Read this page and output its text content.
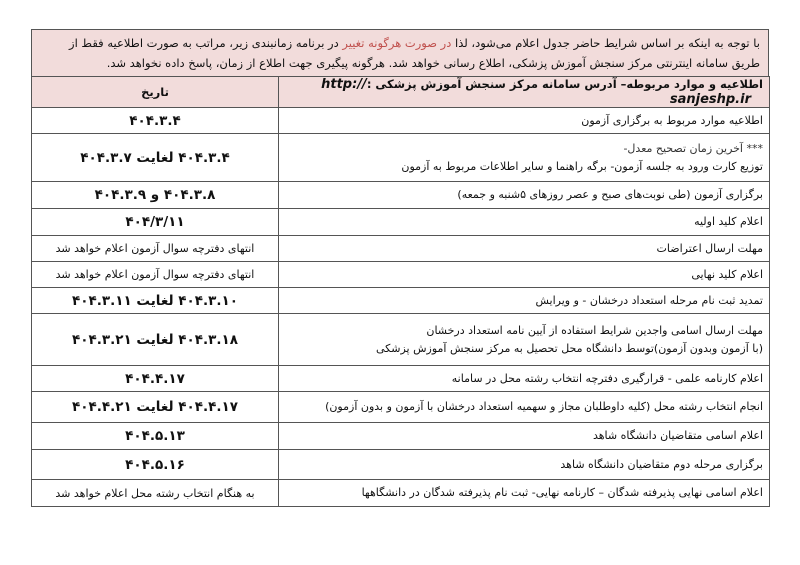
با توجه به اینکه بر اساس شرایط حاضر جدول اعلام می‌شود، لذا در صورت هرگونه تغییر در برنامه زمانبندی زیر، مراتب به صورت اطلاعیه فقط از طریق سامانه اینترنتی مرکز سنجش آموزش پزشکی، اطلاع رسانی خواهد شد. هرگونه پیگیری جهت اطلاع از زمان، پاسخ داده نخواهد شد.
اطلاعیه و موارد مربوطه– آدرس سامانه مرکز سنجش آموزش پزشکی :http:// sanjeshp.ir	تاریخ

اطلاعیه موارد مربوط به برگزاری آزمون	۴۰۴.۳.۴

*** آخرین زمان تصحیح معدل-
توزیع کارت ورود به جلسه آزمون- برگه راهنما و سایر اطلاعات مربوط به آزمون	۴۰۴.۳.۴ لغایت ۴۰۴.۳.۷

برگزاری آزمون (طی نوبت‌های صبح و عصر روزهای ۵شنبه و جمعه)	۴۰۴.۳.۸ و ۴۰۴.۳.۹

اعلام کلید اولیه	۴۰۴/۳/۱۱

مهلت ارسال اعتراضات	انتهای دفترچه سوال آزمون اعلام خواهد شد

اعلام کلید نهایی	انتهای دفترچه سوال آزمون اعلام خواهد شد

تمدید ثبت نام مرحله استعداد درخشان - و ویرایش	۴۰۴.۳.۱۰ لغایت ۴۰۴.۳.۱۱

مهلت ارسال اسامی واجدین شرایط استفاده از آیین نامه استعداد درخشان
(با آزمون وبدون آزمون)توسط دانشگاه محل تحصیل به مرکز سنجش آموزش پزشکی	۴۰۴.۳.۱۸ لغایت ۴۰۴.۳.۲۱

اعلام کارنامه علمی - قرارگیری دفترچه انتخاب رشته محل در سامانه	۴۰۴.۴.۱۷

انجام انتخاب رشته محل (کلیه داوطلبان مجاز و سهمیه استعداد درخشان با آزمون و بدون آزمون)	۴۰۴.۴.۱۷ لغایت ۴۰۴.۴.۲۱

اعلام اسامی متقاضیان دانشگاه شاهد	۴۰۴.۵.۱۳

برگزاری مرحله دوم متقاضیان دانشگاه شاهد	۴۰۴.۵.۱۶

اعلام اسامی نهایی پذیرفته شدگان – کارنامه نهایی- ثبت نام پذیرفته شدگان در دانشگاهها	به هنگام انتخاب رشته محل اعلام خواهد شد
